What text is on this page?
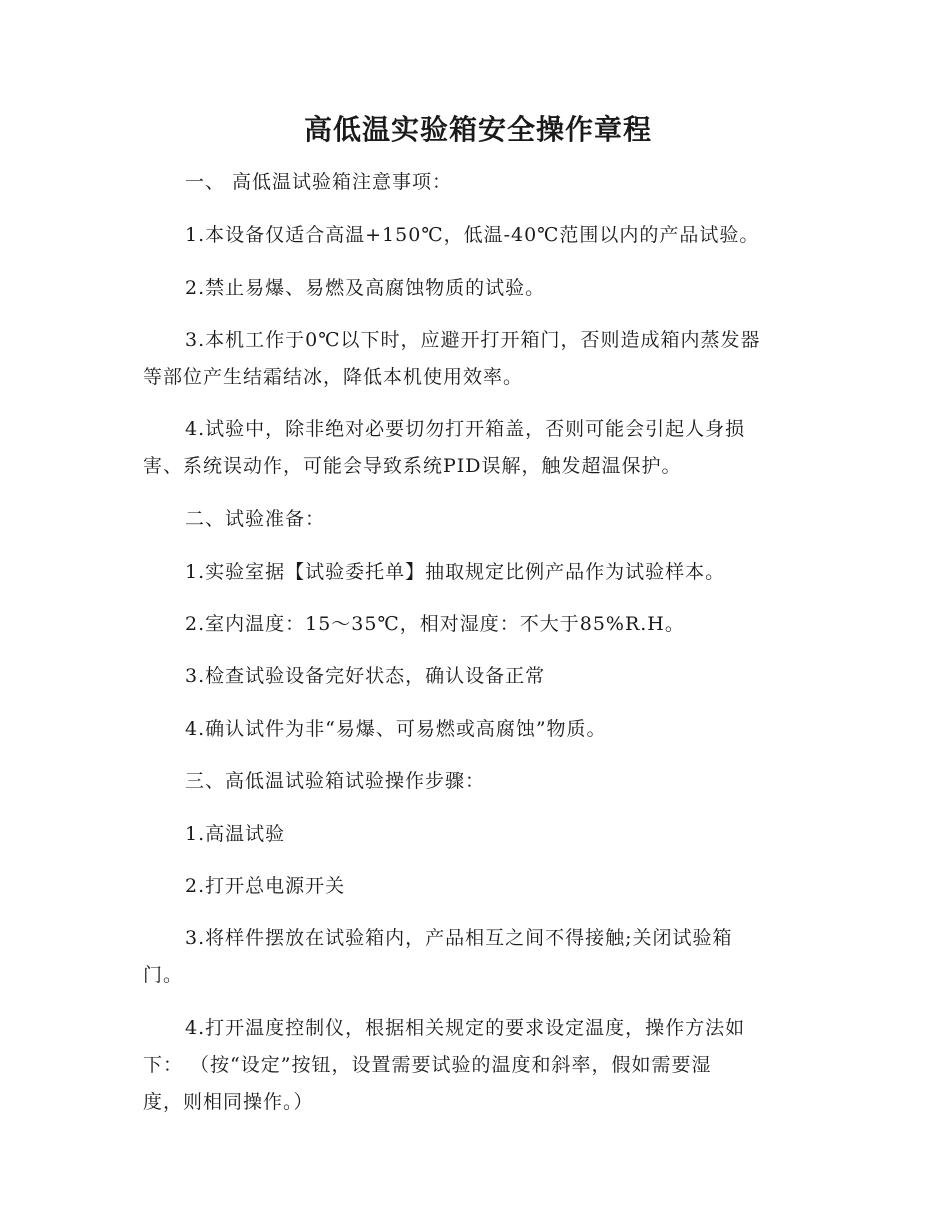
高低温实验箱安全操作章程
一、 高低温试验箱注意事项：
1.本设备仅适合高温+150℃，低温-40℃范围以内的产品试验。
2.禁止易爆、易燃及高腐蚀物质的试验。
3.本机工作于0℃以下时，应避开打开箱门，否则造成箱内蒸发器
等部位产生结霜结冰，降低本机使用效率。
4.试验中，除非绝对必要切勿打开箱盖，否则可能会引起人身损
害、系统误动作，可能会导致系统PID误解，触发超温保护。
二、试验准备：
1.实验室据【试验委托单】抽取规定比例产品作为试验样本。
2.室内温度：15～35℃，相对湿度：不大于85%R.H。
3.检查试验设备完好状态，确认设备正常
4.确认试件为非“易爆、可易燃或高腐蚀”物质。
三、高低温试验箱试验操作步骤：
1.高温试验
2.打开总电源开关
3.将样件摆放在试验箱内，产品相互之间不得接触;关闭试验箱
门。
4.打开温度控制仪，根据相关规定的要求设定温度，操作方法如
下： （按“设定”按钮，设置需要试验的温度和斜率，假如需要湿
度，则相同操作。）
